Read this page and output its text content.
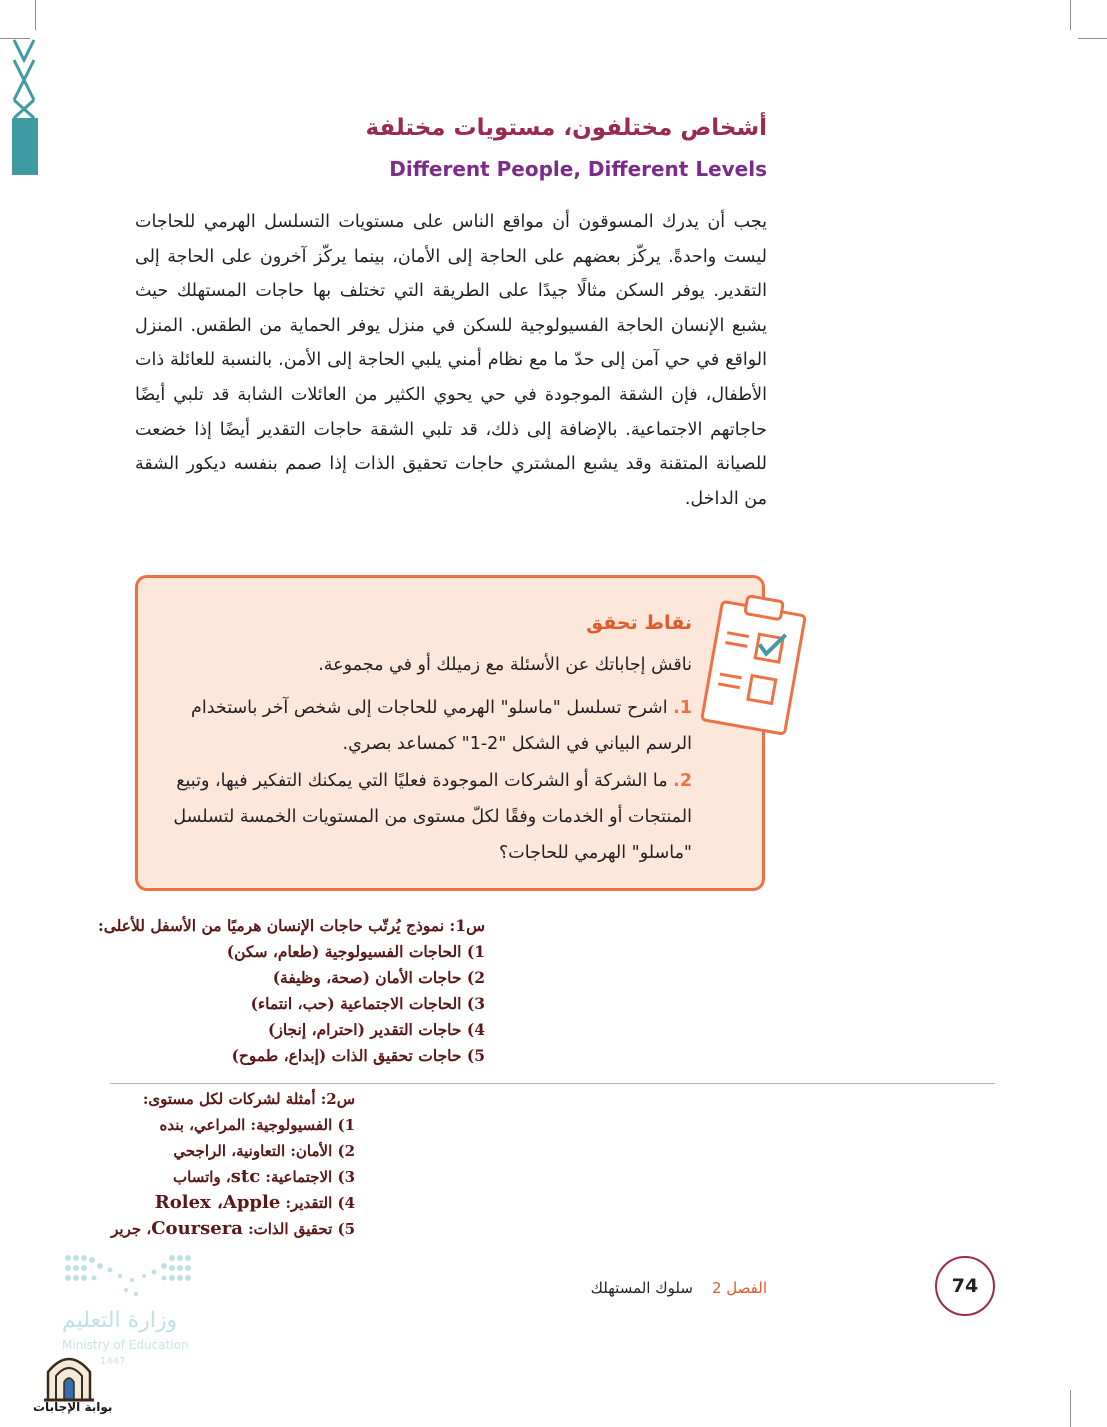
أشخاص مختلفون، مستويات مختلفة
Different People, Different Levels
يجب أن يدرك المسوقون أن مواقع الناس على مستويات التسلسل الهرمي للحاجات ليست واحدةً. يركّز بعضهم على الحاجة إلى الأمان، بينما يركّز آخرون على الحاجة إلى التقدير. يوفر السكن مثالًا جيدًا على الطريقة التي تختلف بها حاجات المستهلك حيث يشبع الإنسان الحاجة الفسيولوجية للسكن في منزل يوفر الحماية من الطقس. المنزل الواقع في حي آمن إلى حدّ ما مع نظام أمني يلبي الحاجة إلى الأمن. بالنسبة للعائلة ذات الأطفال، فإن الشقة الموجودة في حي يحوي الكثير من العائلات الشابة قد تلبي أيضًا حاجاتهم الاجتماعية. بالإضافة إلى ذلك، قد تلبي الشقة حاجات التقدير أيضًا إذا خضعت للصيانة المتقنة وقد يشبع المشتري حاجات تحقيق الذات إذا صمم بنفسه ديكور الشقة من الداخل.
نقاط تحقق
ناقش إجاباتك عن الأسئلة مع زميلك أو في مجموعة.
1. اشرح تسلسل "ماسلو" الهرمي للحاجات إلى شخص آخر باستخدام الرسم البياني في الشكل "2-1" كمساعد بصري.
2. ما الشركة أو الشركات الموجودة فعليًا التي يمكنك التفكير فيها، وتبيع المنتجات أو الخدمات وفقًا لكلّ مستوى من المستويات الخمسة لتسلسل "ماسلو" الهرمي للحاجات؟
س1: نموذج يُرتّب حاجات الإنسان هرميًا من الأسفل للأعلى:
1) الحاجات الفسيولوجية (طعام، سكن)
2) حاجات الأمان (صحة، وظيفة)
3) الحاجات الاجتماعية (حب، انتماء)
4) حاجات التقدير (احترام، إنجاز)
5) حاجات تحقيق الذات (إبداع، طموح)
س2: أمثلة لشركات لكل مستوى:
1) الفسيولوجية: المراعي، بنده
2) الأمان: التعاونية، الراجحي
3) الاجتماعية: stc، واتساب
4) التقدير: Rolex ،Apple
5) تحقيق الذات: Coursera، جرير
74
الفصل 2    سلوك المستهلك
وزارة التعليم
Ministry of Education
1447
بوابة الإجابات
